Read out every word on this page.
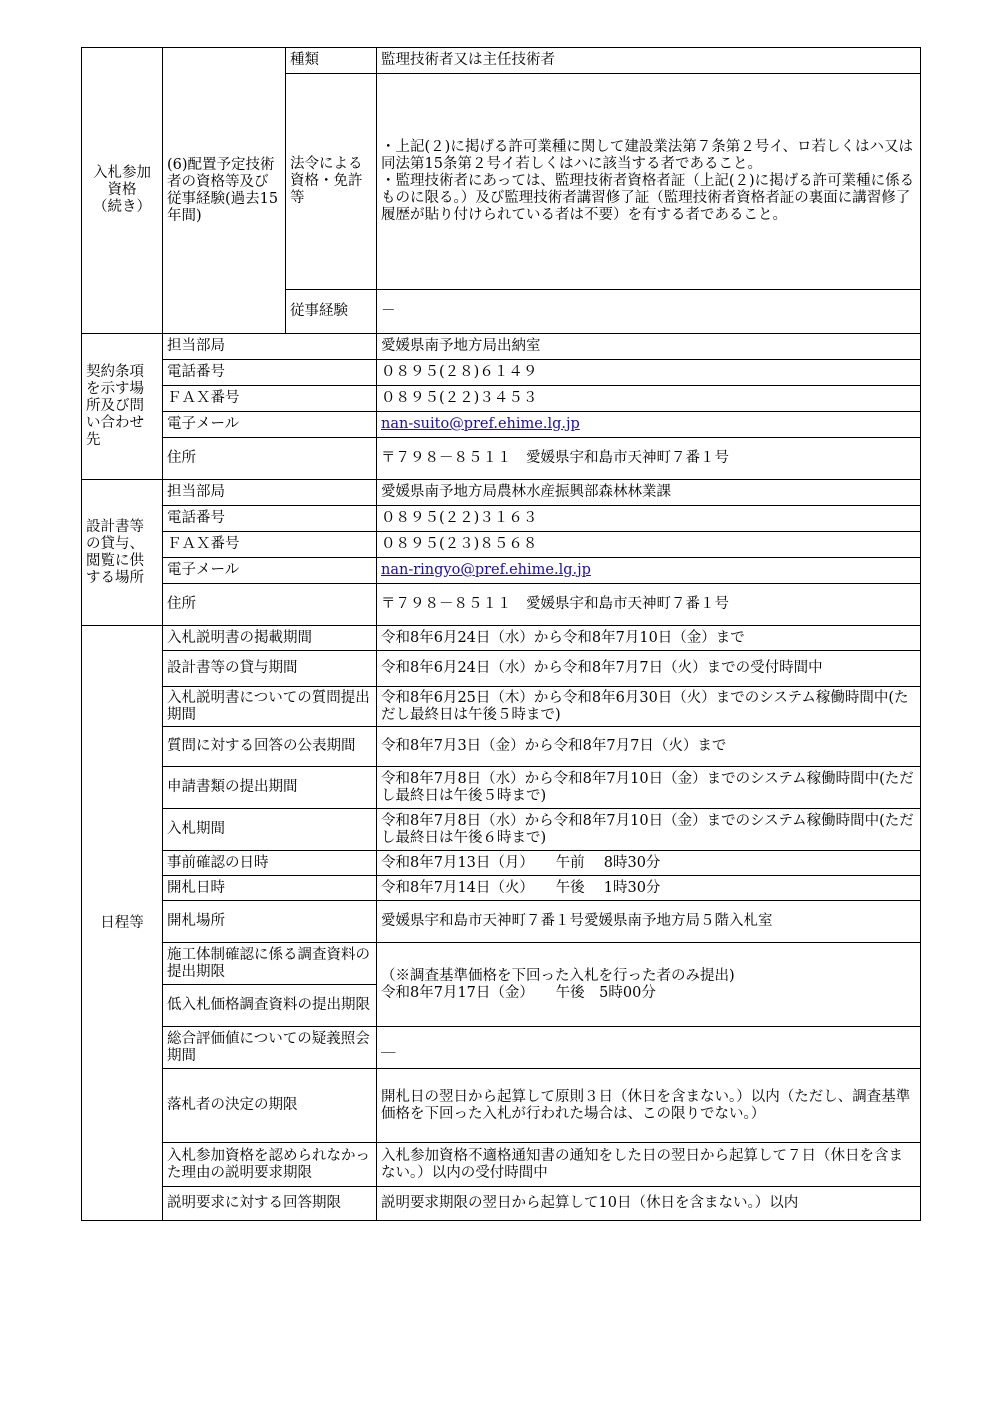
入札参加
資格
（続き）	(6)配置予定技術者の資格等及び従事経験(過去15年間)	種類	監理技術者又は主任技術者
		法令による資格・免許等	・上記(２)に掲げる許可業種に関して建設業法第７条第２号イ、ロ若しくはハ又は同法第15条第２号イ若しくはハに該当する者であること。
・監理技術者にあっては、監理技術者資格者証（上記(２)に掲げる許可業種に係るものに限る。）及び監理技術者講習修了証（監理技術者資格者証の裏面に講習修了履歴が貼り付けられている者は不要）を有する者であること。
		従事経験	－
契約条項を示す場所及び問い合わせ先	担当部局		愛媛県南予地方局出納室
	電話番号		０８９５(２８)６１４９
	ＦＡＸ番号		０８９５(２２)３４５３
	電子メール		nan-suito@pref.ehime.lg.jp
	住所		〒７９８－８５１１　愛媛県宇和島市天神町７番１号
設計書等の貸与、閲覧に供する場所	担当部局		愛媛県南予地方局農林水産振興部森林林業課
	電話番号		０８９５(２２)３１６３
	ＦＡＸ番号		０８９５(２３)８５６８
	電子メール		nan-ringyo@pref.ehime.lg.jp
	住所		〒７９８－８５１１　愛媛県宇和島市天神町７番１号
日程等	入札説明書の掲載期間		令和8年6月24日（水）から令和8年7月10日（金）まで
	設計書等の貸与期間		令和8年6月24日（水）から令和8年7月7日（火）までの受付時間中
	入札説明書についての質問提出期間		令和8年6月25日（木）から令和8年6月30日（火）までのシステム稼働時間中(ただし最終日は午後５時まで)
	質問に対する回答の公表期間		令和8年7月3日（金）から令和8年7月7日（火）まで
	申請書類の提出期間		令和8年7月8日（水）から令和8年7月10日（金）までのシステム稼働時間中(ただし最終日は午後５時まで)
	入札期間		令和8年7月8日（水）から令和8年7月10日（金）までのシステム稼働時間中(ただし最終日は午後６時まで)
	事前確認の日時		令和8年7月13日（月）　　午前　 8時30分
	開札日時		令和8年7月14日（火）　　午後　 1時30分
	開札場所		愛媛県宇和島市天神町７番１号愛媛県南予地方局５階入札室
	施工体制確認に係る調査資料の提出期限		（※調査基準価格を下回った入札を行った者のみ提出)
令和8年7月17日（金）　　午後　5時00分
	低入札価格調査資料の提出期限		
	総合評価値についての疑義照会期間		＿
	落札者の決定の期限		開札日の翌日から起算して原則３日（休日を含まない。）以内（ただし、調査基準価格を下回った入札が行われた場合は、この限りでない。）
	入札参加資格を認められなかった理由の説明要求期限		入札参加資格不適格通知書の通知をした日の翌日から起算して７日（休日を含まない。）以内の受付時間中
	説明要求に対する回答期限		説明要求期限の翌日から起算して10日（休日を含まない。）以内
